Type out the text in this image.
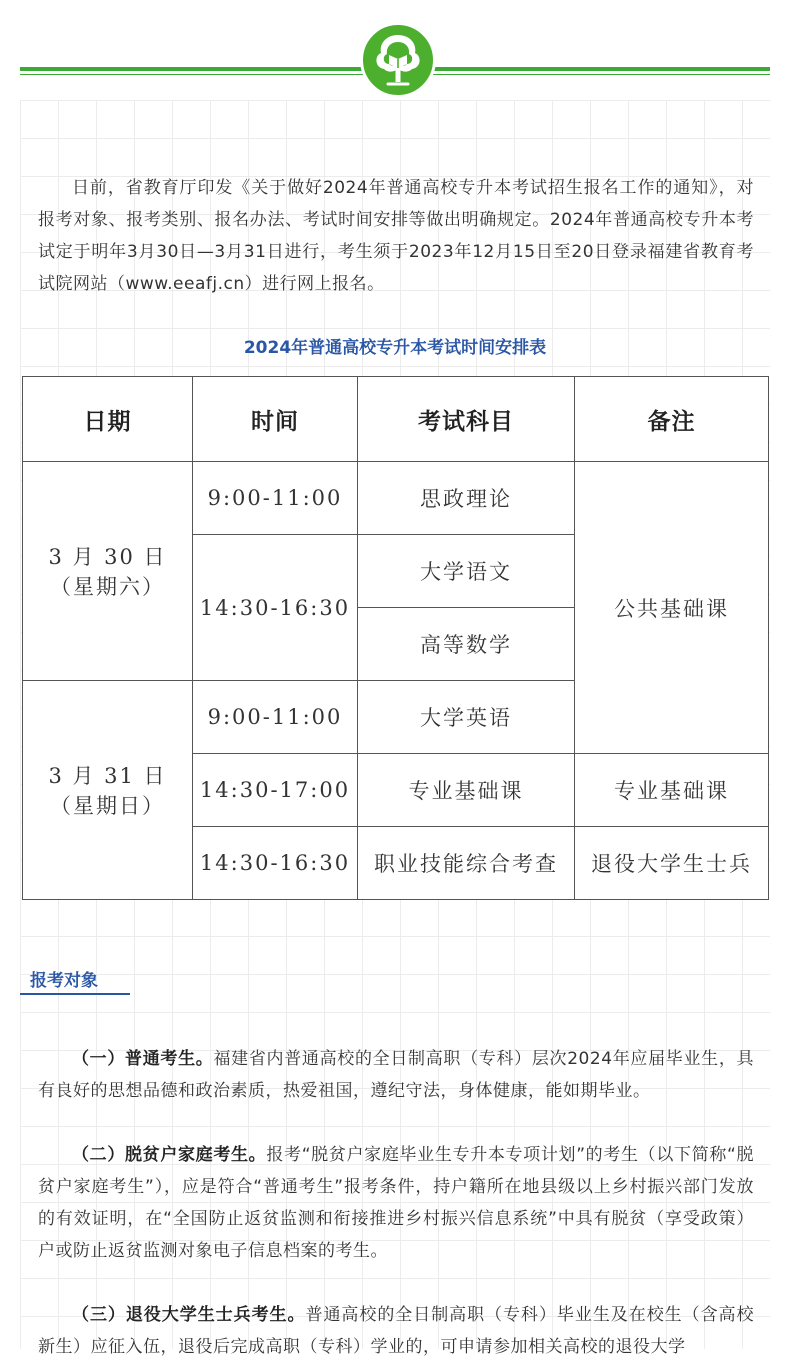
日前，省教育厅印发《关于做好2024年普通高校专升本考试招生报名工作的通知》，对报考对象、报考类别、报名办法、考试时间安排等做出明确规定。2024年普通高校专升本考试定于明年3月30日—3月31日进行，考生须于2023年12月15日至20日登录福建省教育考试院网站（www.eeafj.cn）进行网上报名。

2024年普通高校专升本考试时间安排表
日期	时间	考试科目	备注

3 月 30 日
（星期六）	9:00-11:00	思政理论	公共基础课
	14:30-16:30	大学语文	
		高等数学	

3 月 31 日
（星期日）	9:00-11:00	大学英语	
	14:30-17:00	专业基础课	专业基础课
	14:30-16:30	职业技能综合考查	退役大学生士兵
报考对象

（一）普通考生。福建省内普通高校的全日制高职（专科）层次2024年应届毕业生，具有良好的思想品德和政治素质，热爱祖国，遵纪守法，身体健康，能如期毕业。

（二）脱贫户家庭考生。报考“脱贫户家庭毕业生专升本专项计划”的考生（以下简称“脱贫户家庭考生”），应是符合“普通考生”报考条件，持户籍所在地县级以上乡村振兴部门发放的有效证明，在“全国防止返贫监测和衔接推进乡村振兴信息系统”中具有脱贫（享受政策）户或防止返贫监测对象电子信息档案的考生。

（三）退役大学生士兵考生。普通高校的全日制高职（专科）毕业生及在校生（含高校新生）应征入伍，退役后完成高职（专科）学业的，可申请参加相关高校的退役大学
